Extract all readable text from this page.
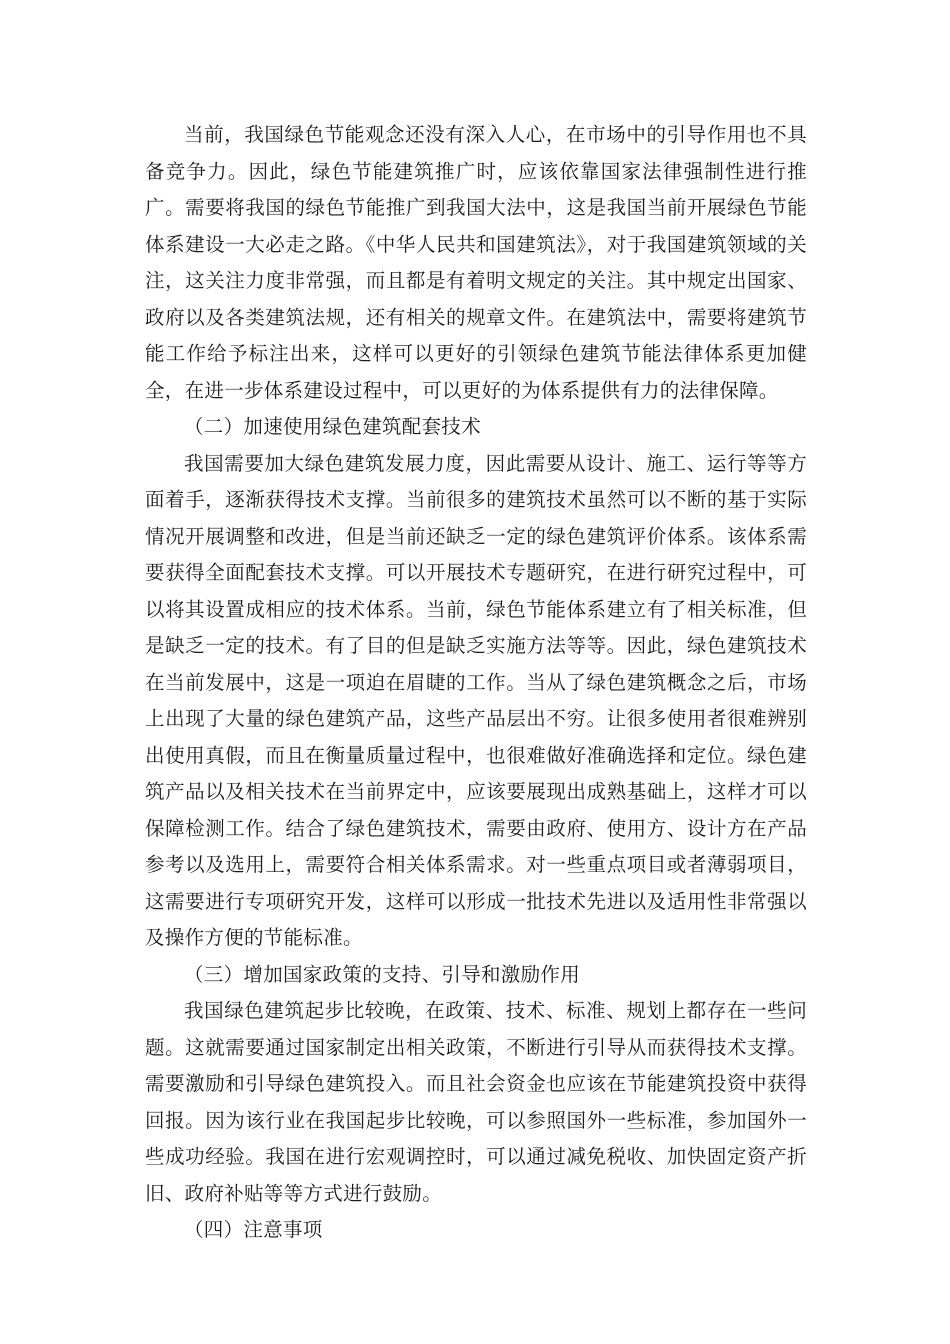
当前，我国绿色节能观念还没有深入人心，在市场中的引导作用也不具备竞争力。因此，绿色节能建筑推广时，应该依靠国家法律强制性进行推广。需要将我国的绿色节能推广到我国大法中，这是我国当前开展绿色节能体系建设一大必走之路。《中华人民共和国建筑法》，对于我国建筑领域的关注，这关注力度非常强，而且都是有着明文规定的关注。其中规定出国家、政府以及各类建筑法规，还有相关的规章文件。在建筑法中，需要将建筑节能工作给予标注出来，这样可以更好的引领绿色建筑节能法律体系更加健全，在进一步体系建设过程中，可以更好的为体系提供有力的法律保障。

（二）加速使用绿色建筑配套技术

我国需要加大绿色建筑发展力度，因此需要从设计、施工、运行等等方面着手，逐渐获得技术支撑。当前很多的建筑技术虽然可以不断的基于实际情况开展调整和改进，但是当前还缺乏一定的绿色建筑评价体系。该体系需要获得全面配套技术支撑。可以开展技术专题研究，在进行研究过程中，可以将其设置成相应的技术体系。当前，绿色节能体系建立有了相关标准，但是缺乏一定的技术。有了目的但是缺乏实施方法等等。因此，绿色建筑技术在当前发展中，这是一项迫在眉睫的工作。当从了绿色建筑概念之后，市场上出现了大量的绿色建筑产品，这些产品层出不穷。让很多使用者很难辨别出使用真假，而且在衡量质量过程中，也很难做好准确选择和定位。绿色建筑产品以及相关技术在当前界定中，应该要展现出成熟基础上，这样才可以保障检测工作。结合了绿色建筑技术，需要由政府、使用方、设计方在产品参考以及选用上，需要符合相关体系需求。对一些重点项目或者薄弱项目，这需要进行专项研究开发，这样可以形成一批技术先进以及适用性非常强以及操作方便的节能标准。

（三）增加国家政策的支持、引导和激励作用

我国绿色建筑起步比较晚，在政策、技术、标准、规划上都存在一些问题。这就需要通过国家制定出相关政策，不断进行引导从而获得技术支撑。需要激励和引导绿色建筑投入。而且社会资金也应该在节能建筑投资中获得回报。因为该行业在我国起步比较晚，可以参照国外一些标准，参加国外一些成功经验。我国在进行宏观调控时，可以通过减免税收、加快固定资产折旧、政府补贴等等方式进行鼓励。

（四）注意事项
